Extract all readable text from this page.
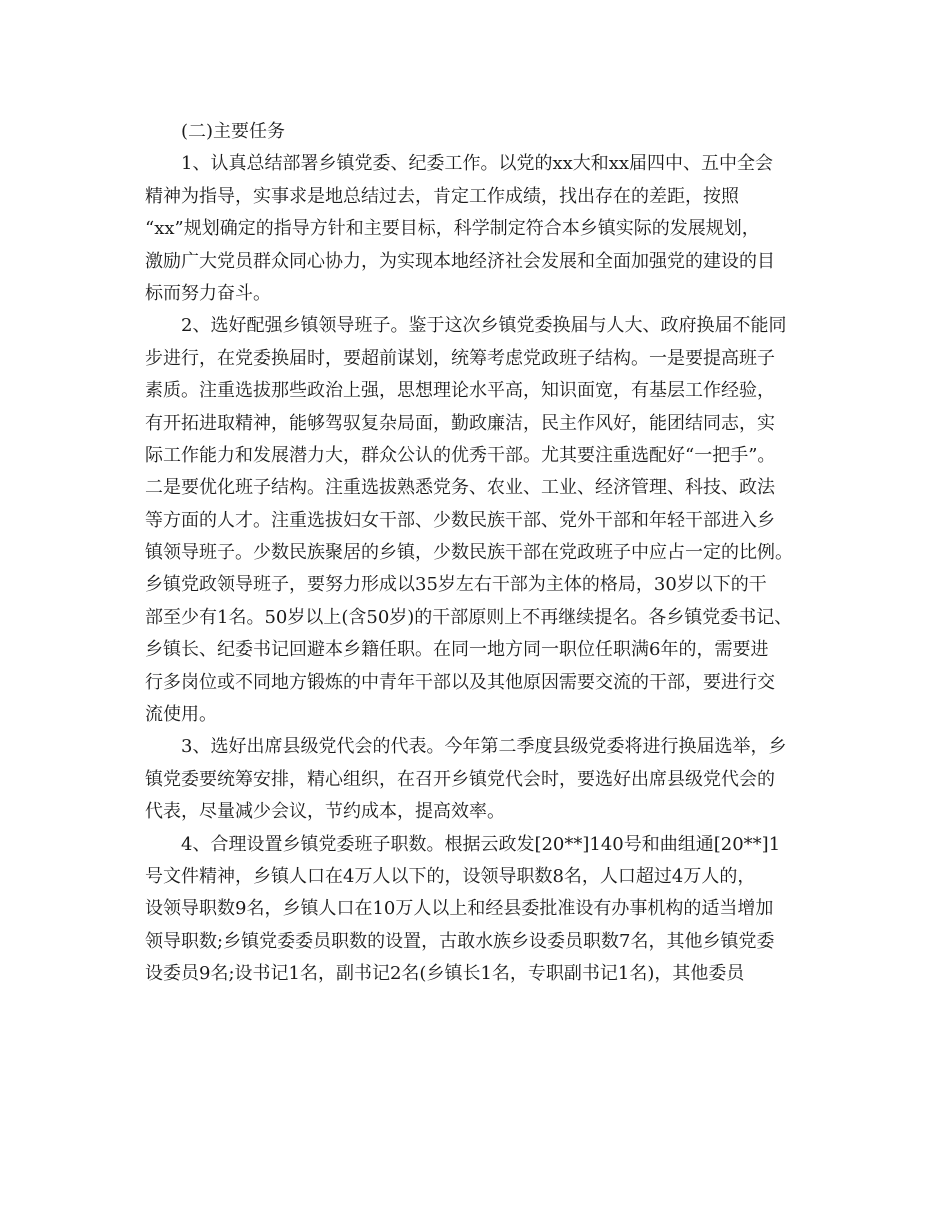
(二)主要任务
1、认真总结部署乡镇党委、纪委工作。以党的xx大和xx届四中、五中全会
精神为指导，实事求是地总结过去，肯定工作成绩，找出存在的差距，按照
“xx”规划确定的指导方针和主要目标，科学制定符合本乡镇实际的发展规划，
激励广大党员群众同心协力，为实现本地经济社会发展和全面加强党的建设的目
标而努力奋斗。
2、选好配强乡镇领导班子。鉴于这次乡镇党委换届与人大、政府换届不能同
步进行，在党委换届时，要超前谋划，统筹考虑党政班子结构。一是要提高班子
素质。注重选拔那些政治上强，思想理论水平高，知识面宽，有基层工作经验，
有开拓进取精神，能够驾驭复杂局面，勤政廉洁，民主作风好，能团结同志，实
际工作能力和发展潜力大，群众公认的优秀干部。尤其要注重选配好“一把手”。
二是要优化班子结构。注重选拔熟悉党务、农业、工业、经济管理、科技、政法
等方面的人才。注重选拔妇女干部、少数民族干部、党外干部和年轻干部进入乡
镇领导班子。少数民族聚居的乡镇，少数民族干部在党政班子中应占一定的比例。
乡镇党政领导班子，要努力形成以35岁左右干部为主体的格局，30岁以下的干
部至少有1名。50岁以上(含50岁)的干部原则上不再继续提名。各乡镇党委书记、
乡镇长、纪委书记回避本乡籍任职。在同一地方同一职位任职满6年的，需要进
行多岗位或不同地方锻炼的中青年干部以及其他原因需要交流的干部，要进行交
流使用。
3、选好出席县级党代会的代表。今年第二季度县级党委将进行换届选举，乡
镇党委要统筹安排，精心组织，在召开乡镇党代会时，要选好出席县级党代会的
代表，尽量减少会议，节约成本，提高效率。
4、合理设置乡镇党委班子职数。根据云政发[20**]140号和曲组通[20**]1
号文件精神，乡镇人口在4万人以下的，设领导职数8名，人口超过4万人的，
设领导职数9名，乡镇人口在10万人以上和经县委批准设有办事机构的适当增加
领导职数;乡镇党委委员职数的设置，古敢水族乡设委员职数7名，其他乡镇党委
设委员9名;设书记1名，副书记2名(乡镇长1名，专职副书记1名)，其他委员
